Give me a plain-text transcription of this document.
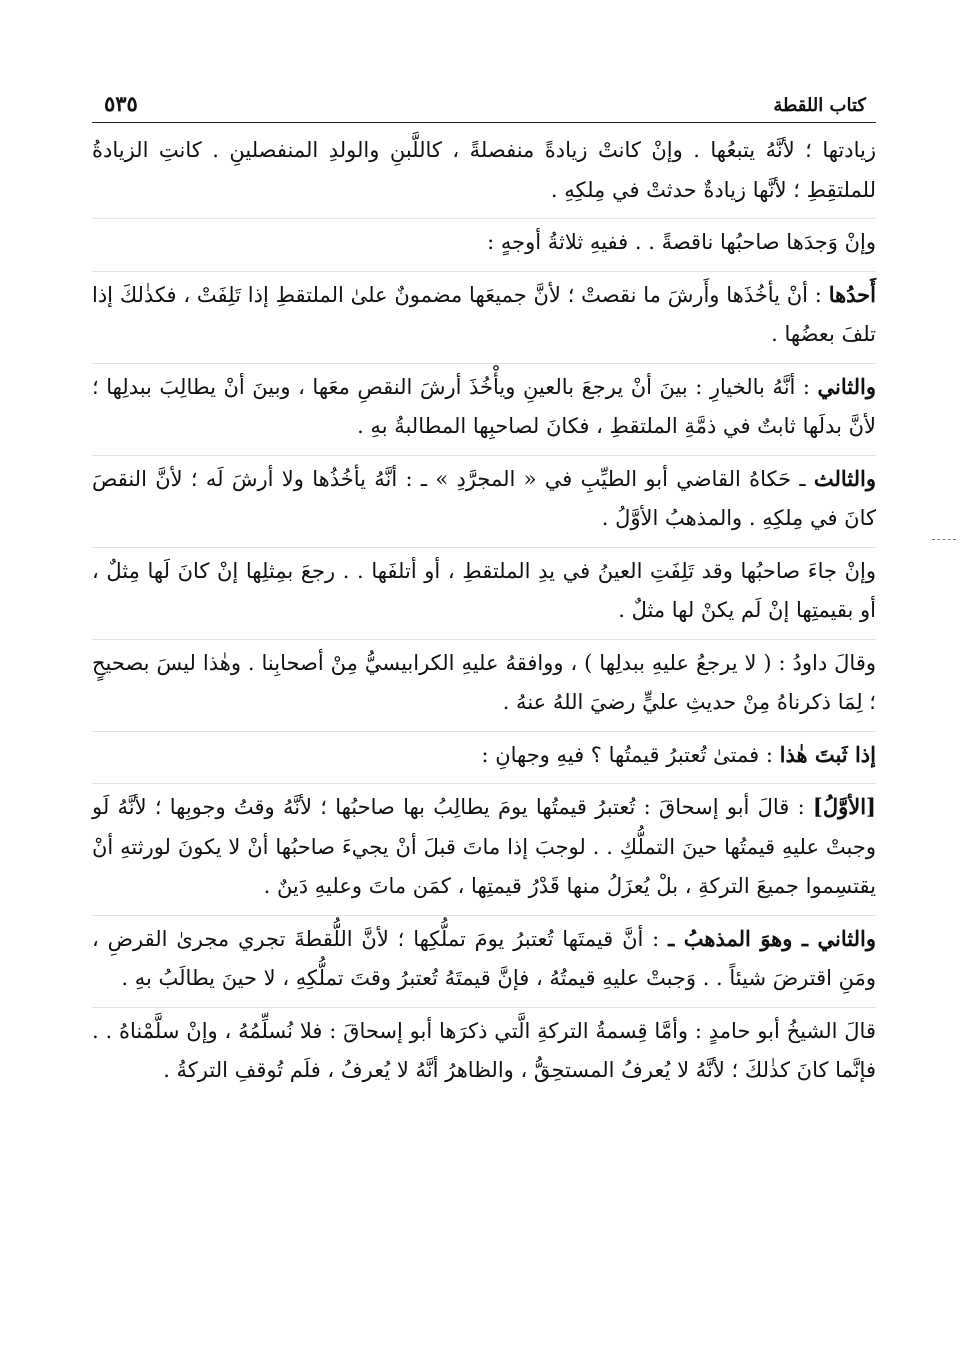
كتاب اللقطة
٥٣٥

زيادتها ؛ لأنَّهُ يتبعُها . وإنْ كانتْ زيادةً منفصلةً ، كاللَّبنِ والولدِ المنفصلينِ . كانتِ الزيادةُ للملتقِطِ ؛ لأنَّها زيادةٌ حدثتْ في مِلكِهِ .

وإنْ وَجدَها صاحبُها ناقصةً . . ففيهِ ثلاثةُ أوجهٍ :

أَحدُها : أنْ يأخُذَها وأَرشَ ما نقصتْ ؛ لأنَّ جميعَها مضمونٌ علىٰ الملتقطِ إذا تَلِفَتْ ، فكذٰلكَ إذا تلفَ بعضُها .

والثاني : أنَّهُ بالخيارِ : بينَ أنْ يرجعَ بالعينِ ويأْخُذَ أرشَ النقصِ معَها ، وبينَ أنْ يطالِبَ ببدلِها ؛ لأنَّ بدلَها ثابتٌ في ذمَّةِ الملتقطِ ، فكانَ لصاحبِها المطالبةُ بهِ .

والثالث ـ حَكاهُ القاضي أبو الطيِّبِ في « المجرَّدِ » ـ : أنَّهُ يأخُذُها ولا أرشَ لَه ؛ لأنَّ النقصَ كانَ في مِلكِهِ . والمذهبُ الأوَّلُ .

وإنْ جاءَ صاحبُها وقد تَلِفَتِ العينُ في يدِ الملتقطِ ، أو أتلفَها . . رجعَ بمِثلِها إنْ كانَ لَها مِثلٌ ، أو بقيمتِها إنْ لَم يكنْ لها مثلٌ .

وقالَ داودُ : ( لا يرجعُ عليهِ ببدلِها ) ، ووافقهُ عليهِ الكرابيسيُّ مِنْ أصحابِنا . وهٰذا ليسَ بصحيحٍ ؛ لِمَا ذكرناهُ مِنْ حديثِ عليٍّ رضيَ اللهُ عنهُ .

إذا ثَبتَ هٰذا : فمتىٰ تُعتبرُ قيمتُها ؟ فيهِ وجهانِ :

[الأوَّلُ] : قالَ أبو إسحاقَ : تُعتبرُ قيمتُها يومَ يطالِبُ بها صاحبُها ؛ لأنَّهُ وقتُ وجوبِها ؛ لأنَّهُ لَو وجبتْ عليهِ قيمتُها حينَ التملُّكِ . . لوجبَ إذا ماتَ قبلَ أنْ يجيءَ صاحبُها أنْ لا يكونَ لورثتهِ أنْ يقتسِموا جميعَ التركةِ ، بلْ يُعزَلُ منها قَدْرُ قيمتِها ، كمَن ماتَ وعليهِ دَينٌ .

والثاني ـ وهوَ المذهبُ ـ : أنَّ قيمتَها تُعتبرُ يومَ تملُّكِها ؛ لأنَّ اللُّقطةَ تجري مجرىٰ القرضِ ، ومَنِ اقترضَ شيئاً . . وَجبتْ عليهِ قيمتُهُ ، فإنَّ قيمتَهُ تُعتبرُ وقتَ تملُّكِهِ ، لا حينَ يطالَبُ بهِ .

قالَ الشيخُ أبو حامدٍ : وأمَّا قِسمةُ التركةِ الَّتي ذكرَها أبو إسحاقَ : فلا نُسلِّمُهُ ، وإنْ سلَّمْناهُ . . فإنَّما كانَ كذٰلكَ ؛ لأنَّهُ لا يُعرفُ المستحِقُّ ، والظاهرُ أنَّهُ لا يُعرفُ ، فلَم تُوقفِ التركةُ .
